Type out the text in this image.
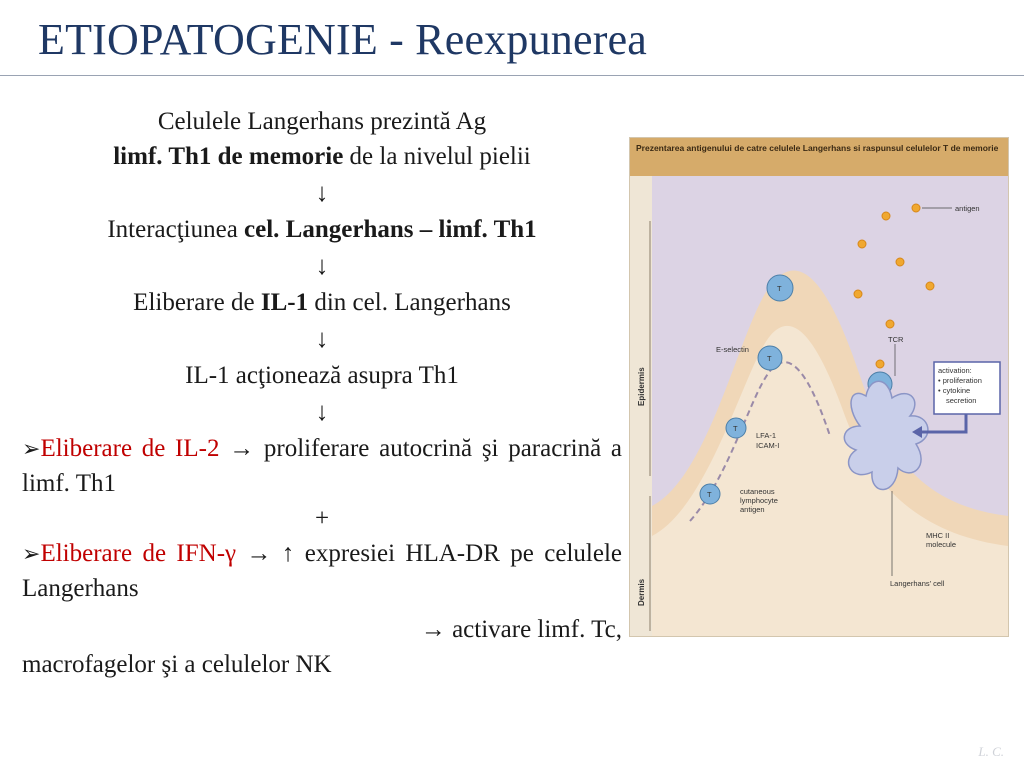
ETIOPATOGENIE - Reexpunerea
Celulele Langerhans prezintă Ag
limf. Th1 de memorie de la nivelul pielii
↓
Interacţiunea cel. Langerhans – limf. Th1
↓
Eliberare de IL-1 din cel. Langerhans
↓
IL-1 acţionează asupra Th1
↓
➢Eliberare de IL-2 → proliferare autocrină şi paracrină a limf. Th1
+
➢Eliberare de IFN-γ → ↑ expresiei HLA-DR pe celulele Langerhans
→ activare limf. Tc,
macrofagelor şi a celulelor NK

Prezentarea antigenului de catre celulele Langerhans si raspunsul celulelor T de memorie

Epidermis
Dermis
antigen
T
T
T
T
Langerhans' cell
TCR
E-selectin
LFA-1
ICAM-I
cutaneous
lymphocyte
antigen
MHC II
molecule
activation:
• proliferation
• cytokine
secretion
L. C.
